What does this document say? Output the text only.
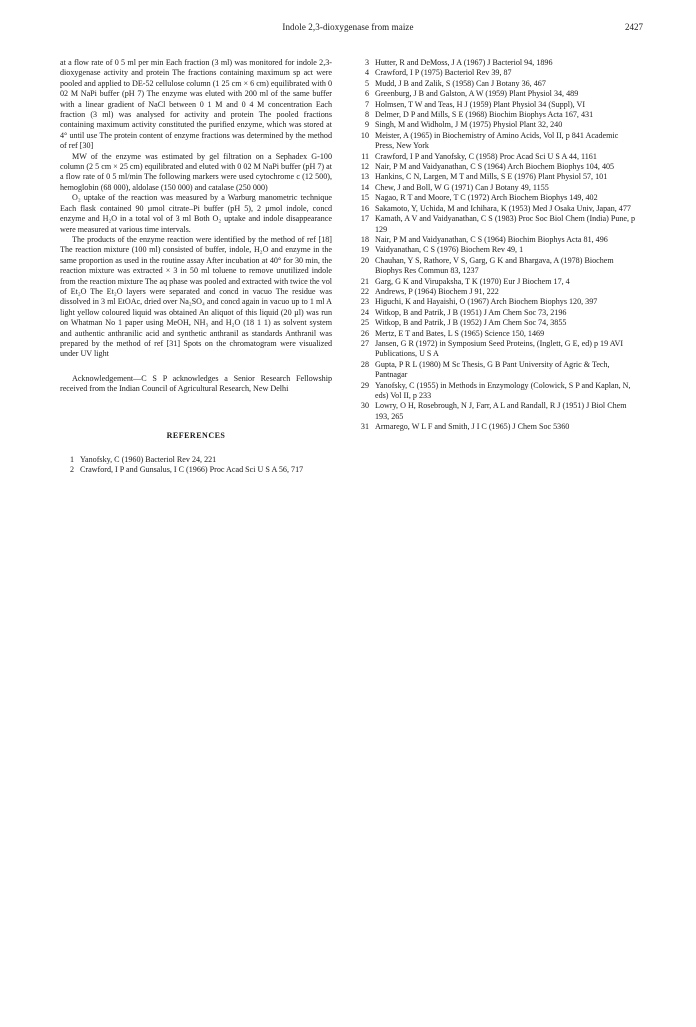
Indole 2,3-dioxygenase from maize	2427

at a flow rate of 0 5 ml per min Each fraction (3 ml) was monitored for indole 2,3-dioxygenase activity and protein The fractions containing maximum sp act were pooled and applied to DE-52 cellulose column (1 25 cm × 6 cm) equilibrated with 0 02 M NaPi buffer (pH 7) The enzyme was eluted with 200 ml of the same buffer with a linear gradient of NaCl between 0 1 M and 0 4 M concentration Each fraction (3 ml) was analysed for activity and protein The pooled fractions containing maximum activity constituted the purified enzyme, which was stored at 4° until use The protein content of enzyme fractions was determined by the method of ref [30]

MW of the enzyme was estimated by gel filtration on a Sephadex G-100 column (2 5 cm × 25 cm) equilibrated and eluted with 0 02 M NaPi buffer (pH 7) at a flow rate of 0 5 ml/min The following markers were used cytochrome c (12 500), hemoglobin (68 000), aldolase (150 000) and catalase (250 000)

O₂ uptake of the reaction was measured by a Warburg manometric technique Each flask contained 90 µmol citrate–Pi buffer (pH 5), 2 µmol indole, concd enzyme and H₂O in a total vol of 3 ml Both O₂ uptake and indole disappearance were measured at various time intervals.

The products of the enzyme reaction were identified by the method of ref [18] The reaction mixture (100 ml) consisted of buffer, indole, H₂O and enzyme in the same proportion as used in the routine assay After incubation at 40° for 30 min, the reaction mixture was extracted × 3 in 50 ml toluene to remove unutilized indole from the reaction mixture The aq phase was pooled and extracted with twice the vol of Et₂O The Et₂O layers were separated and concd in vacuo The residue was dissolved in 3 ml EtOAc, dried over Na₂SO₄ and concd again in vacuo up to 1 ml A light yellow coloured liquid was obtained An aliquot of this liquid (20 µl) was run on Whatman No 1 paper using MeOH, NH₃ and H₂O (18 1 1) as solvent system and authentic anthranilic acid and synthetic anthranil as standards Anthranil was prepared by the method of ref [31] Spots on the chromatogram were visualized under UV light

Acknowledgement—C S P acknowledges a Senior Research Fellowship received from the Indian Council of Agricultural Research, New Delhi

REFERENCES
1 Yanofsky, C (1960) Bacteriol Rev 24, 221
2 Crawford, I P and Gunsalus, I C (1966) Proc Acad Sci U S A 56, 717
3 Hutter, R and DeMoss, J A (1967) J Bacteriol 94, 1896
4 Crawford, I P (1975) Bacteriol Rev 39, 87
5 Mudd, J B and Zalik, S (1958) Can J Botany 36, 467
6 Greenburg, J B and Galston, A W (1959) Plant Physiol 34, 489
7 Holmsen, T W and Teas, H J (1959) Plant Physiol 34 (Suppl), VI
8 Delmer, D P and Mills, S E (1968) Biochim Biophys Acta 167, 431
9 Singh, M and Widholm, J M (1975) Physiol Plant 32, 240
10 Meister, A (1965) in Biochemistry of Amino Acids, Vol II, p 841 Academic Press, New York
11 Crawford, I P and Yanofsky, C (1958) Proc Acad Sci U S A 44, 1161
12 Nair, P M and Vaidyanathan, C S (1964) Arch Biochem Biophys 104, 405
13 Hankins, C N, Largen, M T and Mills, S E (1976) Plant Physiol 57, 101
14 Chew, J and Boll, W G (1971) Can J Botany 49, 1155
15 Nagao, R T and Moore, T C (1972) Arch Biochem Biophys 149, 402
16 Sakamoto, Y, Uchida, M and Ichihara, K (1953) Med J Osaka Univ, Japan, 477
17 Kamath, A V and Vaidyanathan, C S (1983) Proc Soc Biol Chem (India) Pune, p 129
18 Nair, P M and Vaidyanathan, C S (1964) Biochim Biophys Acta 81, 496
19 Vaidyanathan, C S (1976) Biochem Rev 49, 1
20 Chauhan, Y S, Rathore, V S, Garg, G K and Bhargava, A (1978) Biochem Biophys Res Commun 83, 1237
21 Garg, G K and Virupaksha, T K (1970) Eur J Biochem 17, 4
22 Andrews, P (1964) Biochem J 91, 222
23 Higuchi, K and Hayaishi, O (1967) Arch Biochem Biophys 120, 397
24 Witkop, B and Patrik, J B (1951) J Am Chem Soc 73, 2196
25 Witkop, B and Patrik, J B (1952) J Am Chem Soc 74, 3855
26 Mertz, E T and Bates, L S (1965) Science 150, 1469
27 Jansen, G R (1972) in Symposium Seed Proteins, (Inglett, G E, ed) p 19 AVI Publications, U S A
28 Gupta, P R L (1980) M Sc Thesis, G B Pant University of Agric & Tech, Pantnagar
29 Yanofsky, C (1955) in Methods in Enzymology (Colowick, S P and Kaplan, N, eds) Vol II, p 233
30 Lowry, O H, Rosebrough, N J, Farr, A L and Randall, R J (1951) J Biol Chem 193, 265
31 Armarego, W L F and Smith, J I C (1965) J Chem Soc 5360
